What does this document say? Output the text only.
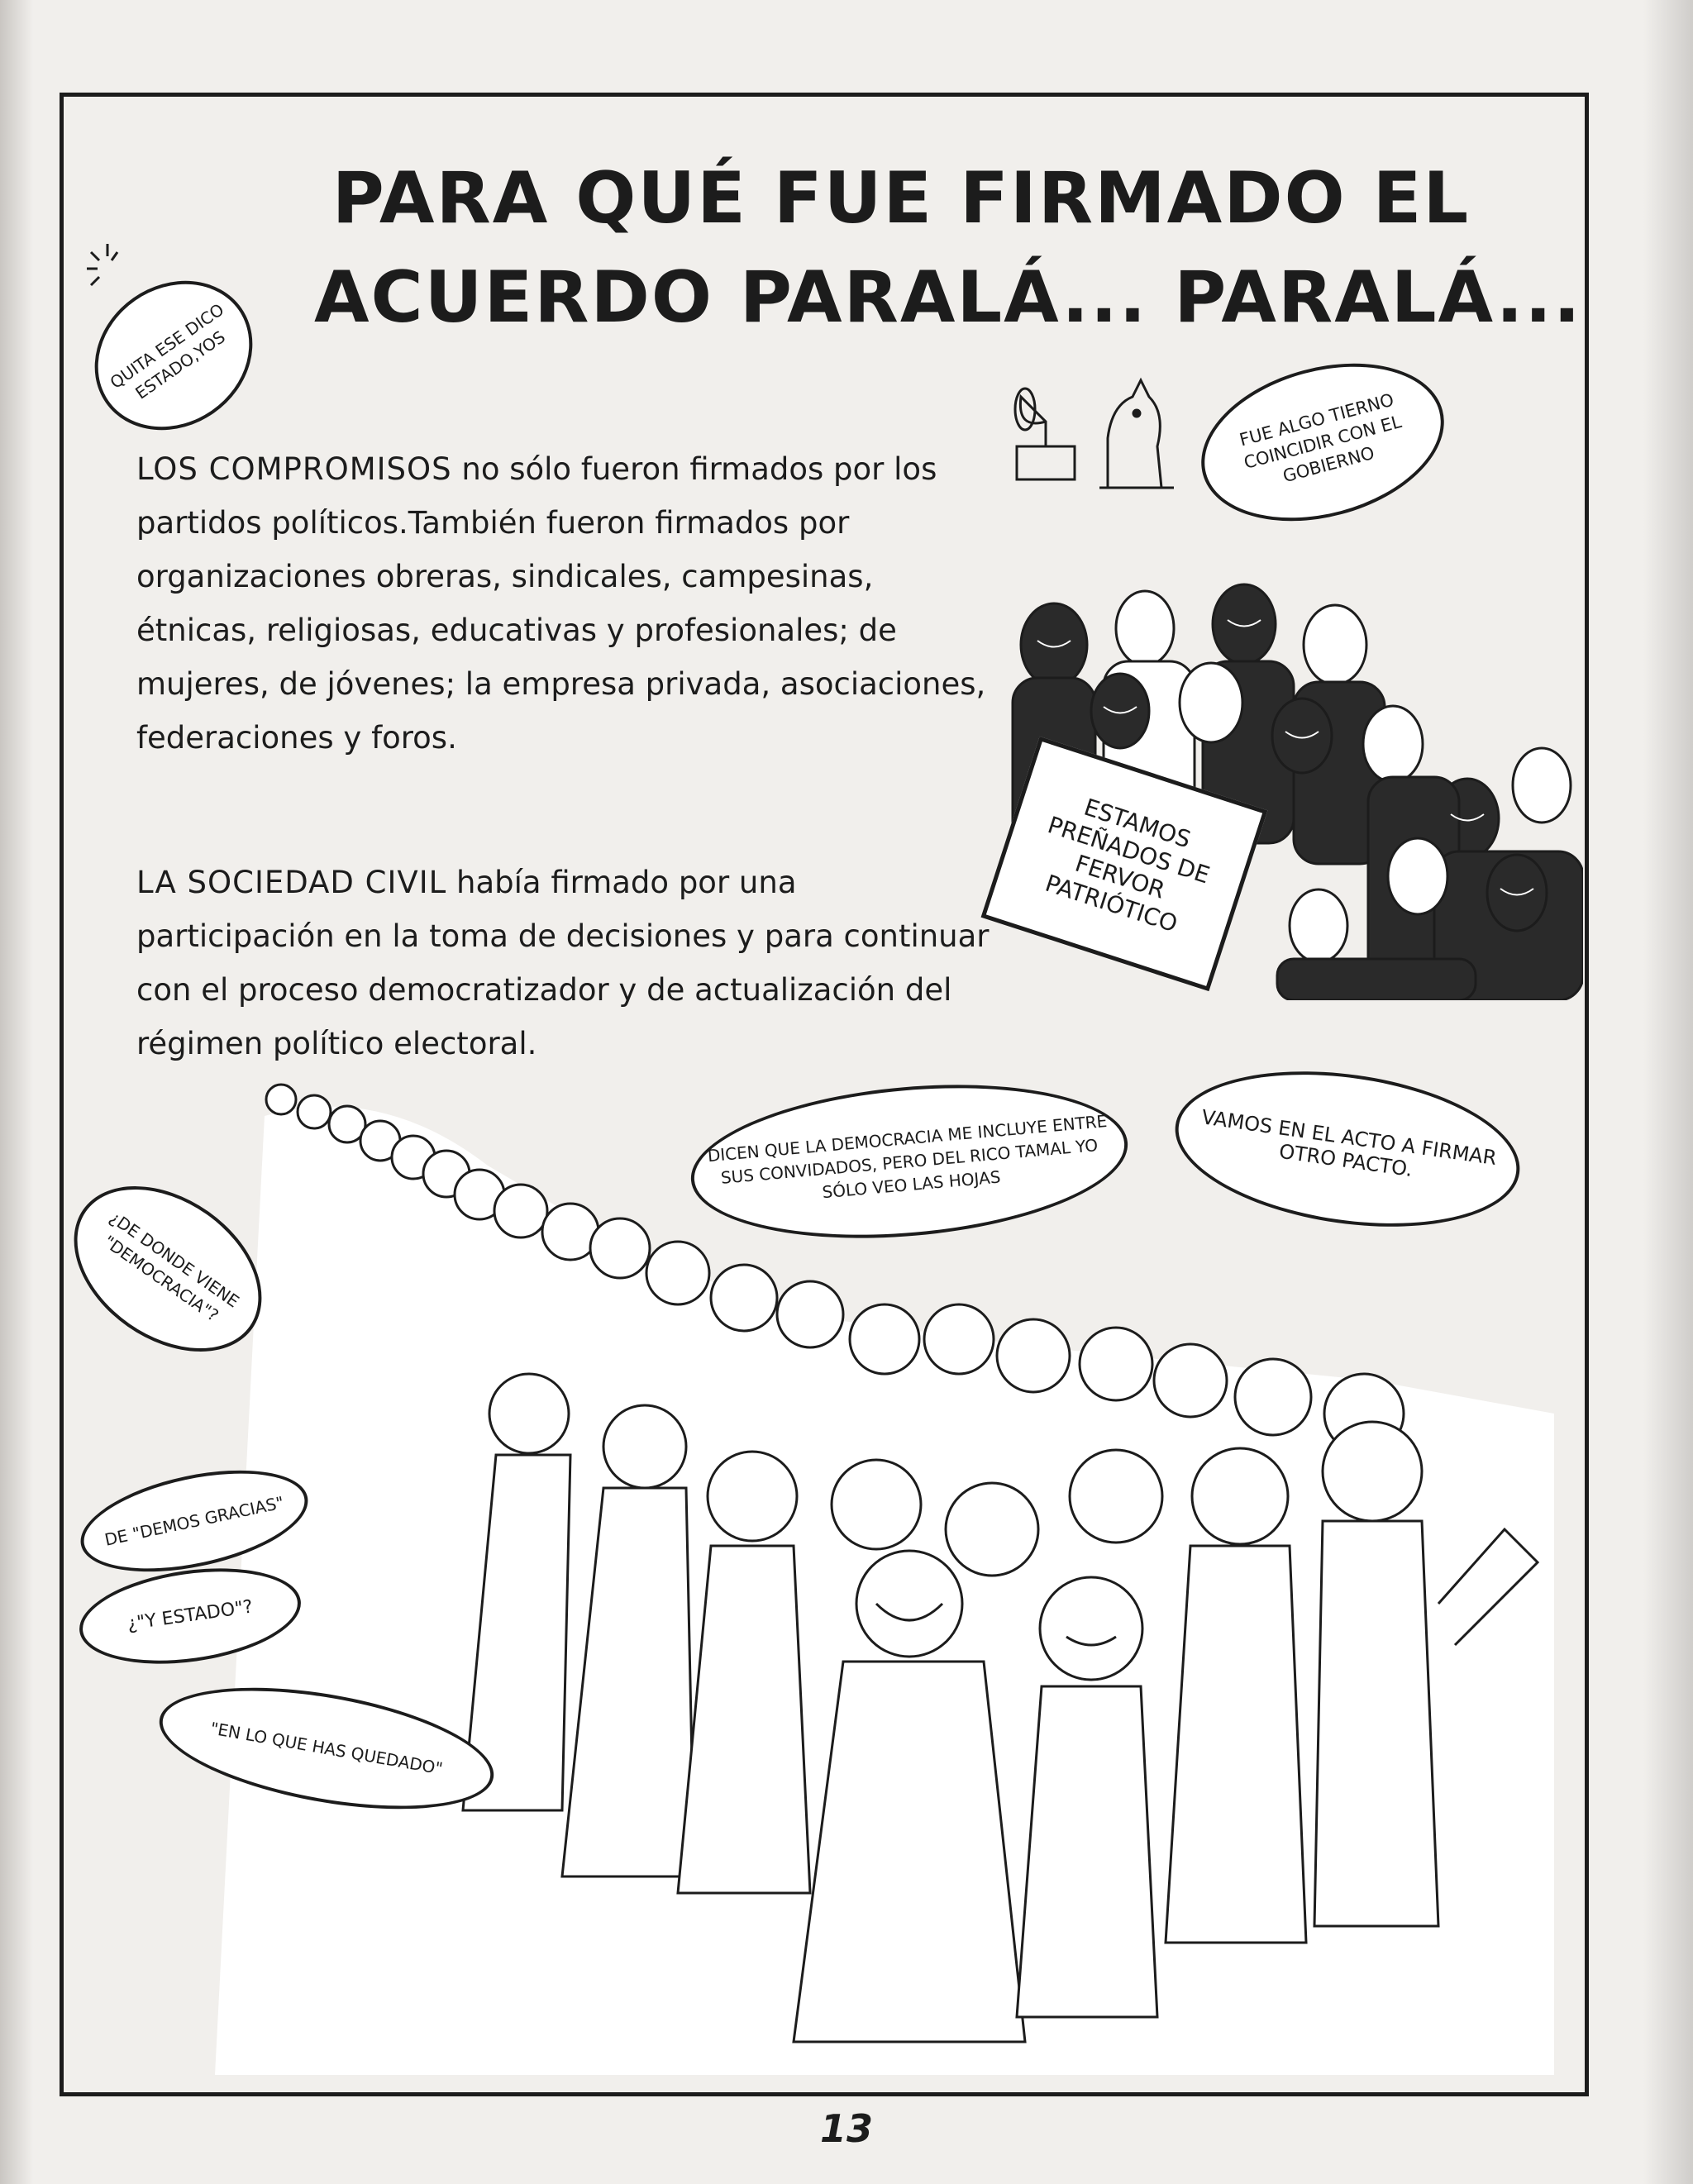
PARA QUÉ FUE FIRMADO EL
ACUERDO PARALÁ... PARALÁ...
QUITA ESE DICO ESTADO,YOS
FUE ALGO TIERNO COINCIDIR CON EL GOBIERNO
ESTAMOS PREÑADOS DE FERVOR PATRIÓTICO
LOS COMPROMISOS no sólo fueron firmados por los partidos políticos.También fueron firmados por organizaciones obreras, sindicales, campesinas, étnicas, religiosas, educativas y profesionales; de mujeres, de jóvenes; la empresa privada, asociaciones, federaciones y foros.
LA SOCIEDAD CIVIL había firmado por una participación en la toma de decisiones y para continuar con el proceso democratizador y de actualización del régimen político electoral.
DICEN QUE LA DEMOCRACIA ME INCLUYE ENTRE SUS CONVIDADOS, PERO DEL RICO TAMAL YO SÓLO VEO LAS HOJAS
VAMOS EN EL ACTO A FIRMAR OTRO PACTO.
¿DE DONDE VIENE "DEMOCRACIA"?
DE "DEMOS GRACIAS"
¿"Y ESTADO"?
"EN LO QUE HAS QUEDADO"
13
